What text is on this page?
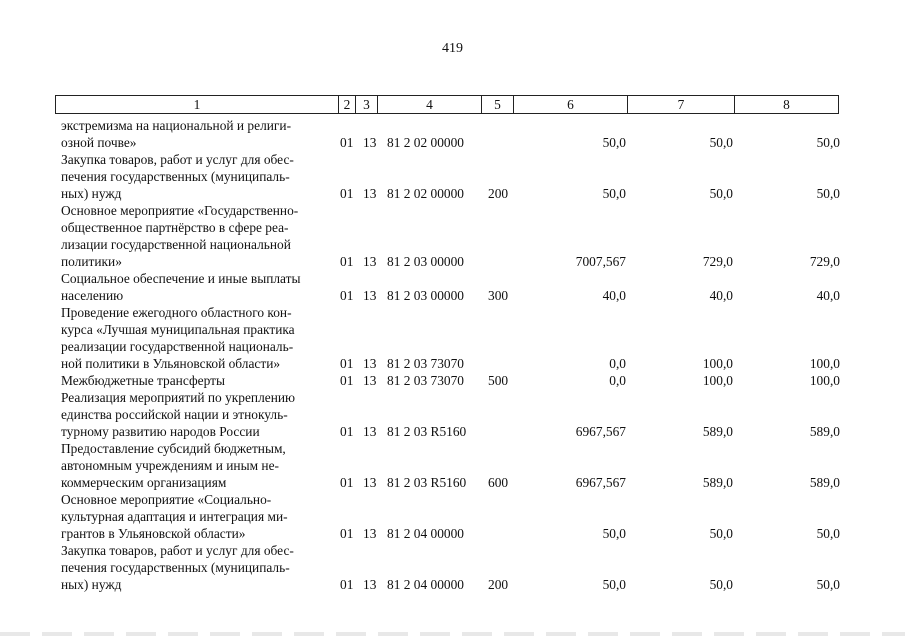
419
1	2 3	4	5	6	7	8
экстремизма на национальной и религи-
озной почве»	01 13 81 2 02 00000	50,0	50,0	50,0
Закупка товаров, работ и услуг для обес-
печения государственных (муниципаль-
ных) нужд	01 13 81 2 02 00000 200	50,0	50,0	50,0
Основное мероприятие «Государственно-
общественное партнёрство в сфере реа-
лизации государственной национальной
политики»	01 13 81 2 03 00000	7007,567	729,0	729,0
Социальное обеспечение и иные выплаты
населению	01 13 81 2 03 00000 300	40,0	40,0	40,0
Проведение ежегодного областного кон-
курса «Лучшая муниципальная практика
реализации государственной националь-
ной политики в Ульяновской области»	01 13 81 2 03 73070	0,0	100,0	100,0
Межбюджетные трансферты	01 13 81 2 03 73070 500	0,0	100,0	100,0
Реализация мероприятий по укреплению
единства российской нации и этнокуль-
турному развитию народов России	01 13 81 2 03 R5160	6967,567	589,0	589,0
Предоставление субсидий бюджетным,
автономным учреждениям и иным не-
коммерческим организациям	01 13 81 2 03 R5160 600	6967,567	589,0	589,0
Основное мероприятие «Социально-
культурная адаптация и интеграция ми-
грантов в Ульяновской области»	01 13 81 2 04 00000	50,0	50,0	50,0
Закупка товаров, работ и услуг для обес-
печения государственных (муниципаль-
ных) нужд	01 13 81 2 04 00000 200	50,0	50,0	50,0
